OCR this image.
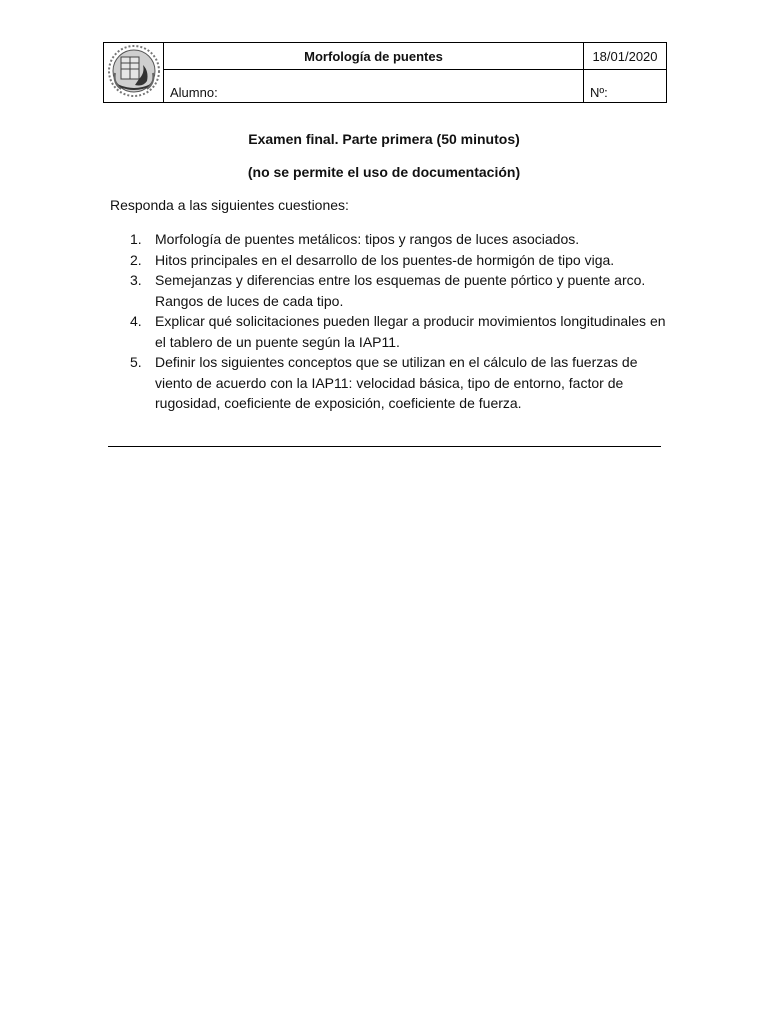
	Morfología de puentes	18/01/2020
	Alumno:	Nº:
Examen final. Parte primera (50 minutos)
(no se permite el uso de documentación)
Responda a las siguientes cuestiones:
1. Morfología de puentes metálicos: tipos y rangos de luces asociados.
2. Hitos principales en el desarrollo de los puentes-de hormigón de tipo viga.
3. Semejanzas y diferencias entre los esquemas de puente pórtico y puente arco. Rangos de luces de cada tipo.
4. Explicar qué solicitaciones pueden llegar a producir movimientos longitudinales en el tablero de un puente según la IAP11.
5. Definir los siguientes conceptos que se utilizan en el cálculo de las fuerzas de viento de acuerdo con la IAP11: velocidad básica, tipo de entorno, factor de rugosidad, coeficiente de exposición, coeficiente de fuerza.
